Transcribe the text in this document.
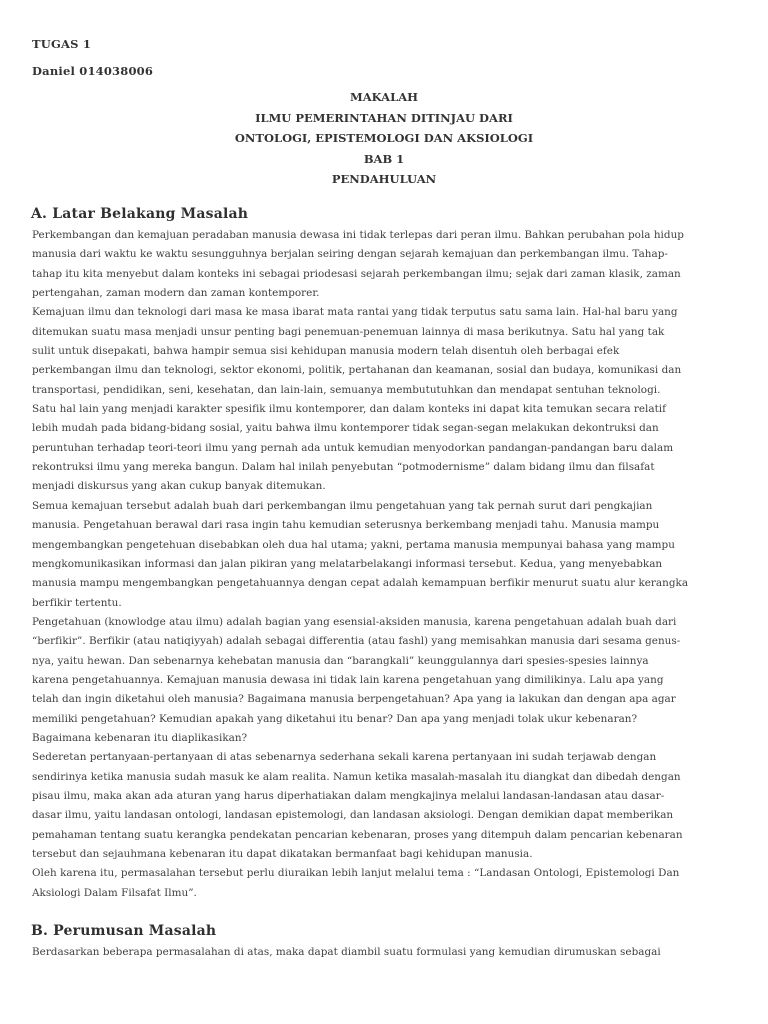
TUGAS 1
Daniel 014038006
MAKALAH
ILMU PEMERINTAHAN DITINJAU DARI
ONTOLOGI, EPISTEMOLOGI DAN AKSIOLOGI
BAB 1
PENDAHULUAN
A. Latar Belakang Masalah
Perkembangan dan kemajuan peradaban manusia dewasa ini tidak terlepas dari peran ilmu. Bahkan perubahan pola hidup
manusia dari waktu ke waktu sesungguhnya berjalan seiring dengan sejarah kemajuan dan perkembangan ilmu. Tahap-
tahap itu kita menyebut dalam konteks ini sebagai priodesasi sejarah perkembangan ilmu; sejak dari zaman klasik, zaman
pertengahan, zaman modern dan zaman kontemporer.
Kemajuan ilmu dan teknologi dari masa ke masa ibarat mata rantai yang tidak terputus satu sama lain. Hal-hal baru yang
ditemukan suatu masa menjadi unsur penting bagi penemuan-penemuan lainnya di masa berikutnya. Satu hal yang tak
sulit untuk disepakati, bahwa hampir semua sisi kehidupan manusia modern telah disentuh oleh berbagai efek
perkembangan ilmu dan teknologi, sektor ekonomi, politik, pertahanan dan keamanan, sosial dan budaya, komunikasi dan
transportasi, pendidikan, seni, kesehatan, dan lain-lain, semuanya membututuhkan dan mendapat sentuhan teknologi.
Satu hal lain yang menjadi karakter spesifik ilmu kontemporer, dan dalam konteks ini dapat kita temukan secara relatif
lebih mudah pada bidang-bidang sosial, yaitu bahwa ilmu kontemporer tidak segan-segan melakukan dekontruksi dan
peruntuhan terhadap teori-teori ilmu yang pernah ada untuk kemudian menyodorkan pandangan-pandangan baru dalam
rekontruksi ilmu yang mereka bangun. Dalam hal inilah penyebutan “potmodernisme” dalam bidang ilmu dan filsafat
menjadi diskursus yang akan cukup banyak ditemukan.
Semua kemajuan tersebut adalah buah dari perkembangan ilmu pengetahuan yang tak pernah surut dari pengkajian
manusia. Pengetahuan berawal dari rasa ingin tahu kemudian seterusnya berkembang menjadi tahu. Manusia mampu
mengembangkan pengetehuan disebabkan oleh dua hal utama; yakni, pertama manusia mempunyai bahasa yang mampu
mengkomunikasikan informasi dan jalan pikiran yang melatarbelakangi informasi tersebut. Kedua, yang menyebabkan
manusia mampu mengembangkan pengetahuannya dengan cepat adalah kemampuan berfikir menurut suatu alur kerangka
berfikir tertentu.
Pengetahuan (knowlodge atau ilmu) adalah bagian yang esensial-aksiden manusia, karena pengetahuan adalah buah dari
“berfikir”. Berfikir (atau natiqiyyah) adalah sebagai differentia (atau fashl) yang memisahkan manusia dari sesama genus-
nya, yaitu hewan. Dan sebenarnya kehebatan manusia dan “barangkali” keunggulannya dari spesies-spesies lainnya
karena pengetahuannya. Kemajuan manusia dewasa ini tidak lain karena pengetahuan yang dimilikinya. Lalu apa yang
telah dan ingin diketahui oleh manusia? Bagaimana manusia berpengetahuan? Apa yang ia lakukan dan dengan apa agar
memiliki pengetahuan? Kemudian apakah yang diketahui itu benar? Dan apa yang menjadi tolak ukur kebenaran?
Bagaimana kebenaran itu diaplikasikan?
Sederetan pertanyaan-pertanyaan di atas sebenarnya sederhana sekali karena pertanyaan ini sudah terjawab dengan
sendirinya ketika manusia sudah masuk ke alam realita. Namun ketika masalah-masalah itu diangkat dan dibedah dengan
pisau ilmu, maka akan ada aturan yang harus diperhatiakan dalam mengkajinya melalui landasan-landasan atau dasar-
dasar ilmu, yaitu landasan ontologi, landasan epistemologi, dan landasan aksiologi. Dengan demikian dapat memberikan
pemahaman tentang suatu kerangka pendekatan pencarian kebenaran, proses yang ditempuh dalam pencarian kebenaran
tersebut dan sejauhmana kebenaran itu dapat dikatakan bermanfaat bagi kehidupan manusia.
Oleh karena itu, permasalahan tersebut perlu diuraikan lebih lanjut melalui tema : “Landasan Ontologi, Epistemologi Dan
Aksiologi Dalam Filsafat Ilmu”.
B. Perumusan Masalah
Berdasarkan beberapa permasalahan di atas, maka dapat diambil suatu formulasi yang kemudian dirumuskan sebagai
